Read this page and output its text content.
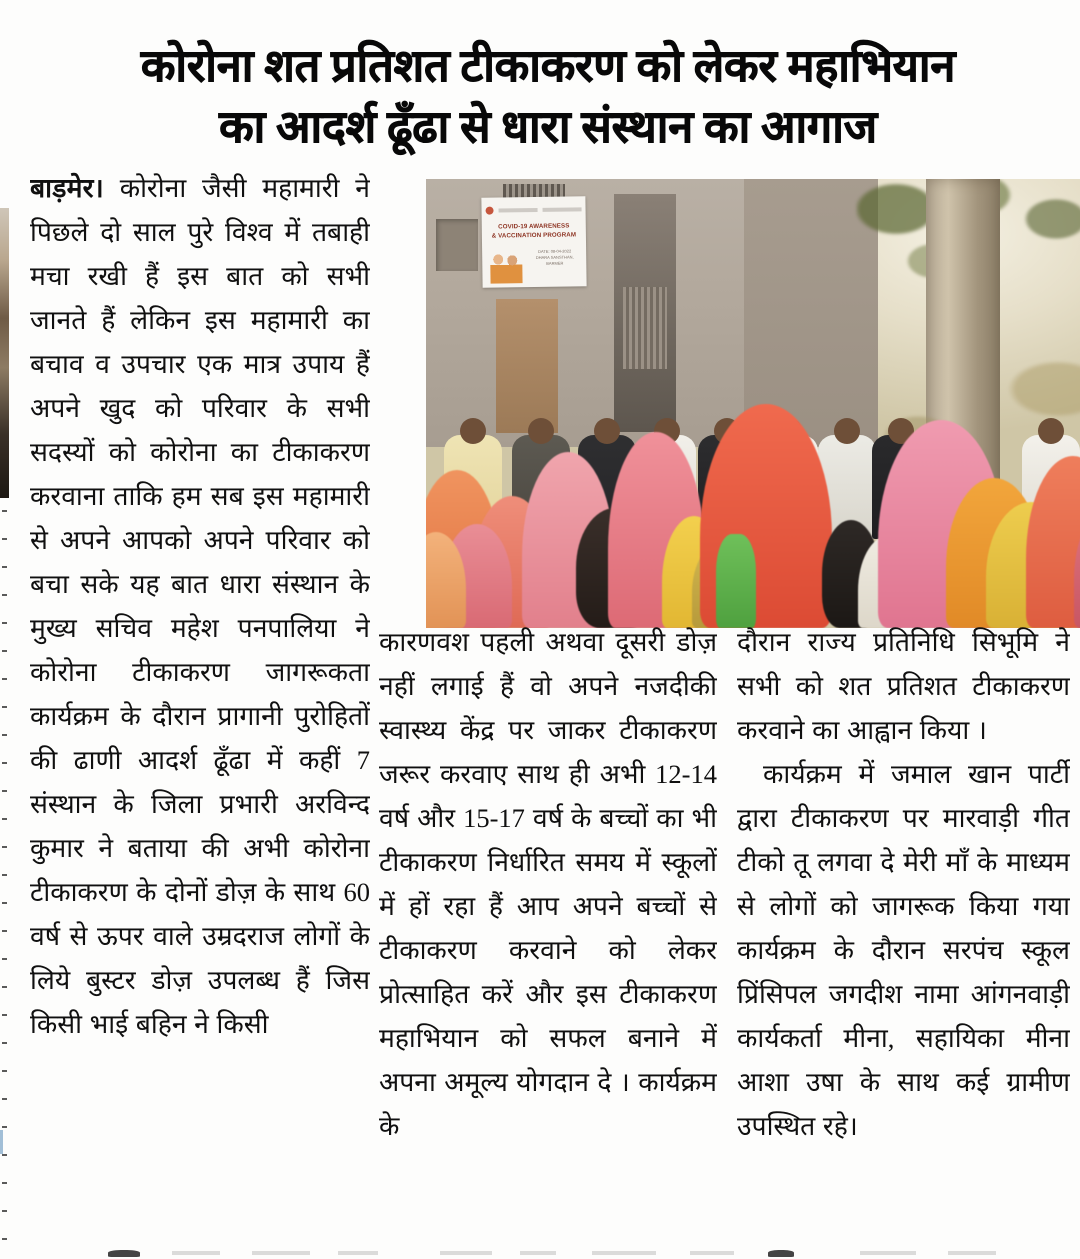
कोरोना शत प्रतिशत टीकाकरण को लेकर महाभियान
का आदर्श ढूँढा से धारा संस्थान का आगाज
COVID-19 AWARENESS
& VACCINATION PROGRAM
DATE: 08-04-2022
DHARA SANSTHAN, BARMER

बाड़मेर। कोरोना जैसी महामारी ने पिछले दो साल पुरे विश्व में तबाही मचा रखी हैं इस बात को सभी जानते हैं लेकिन इस महामारी का बचाव व उपचार एक मात्र उपाय हैं अपने खुद को परिवार के सभी सदस्यों को कोरोना का टीकाकरण करवाना ताकि हम सब इस महामारी से अपने आपको अपने परिवार को बचा सके यह बात धारा संस्थान के मुख्य सचिव महेश पनपालिया ने कोरोना टीकाकरण जागरूकता कार्यक्रम के दौरान प्रागानी पुरोहितों की ढाणी आदर्श ढूँढा में कहीं 7 संस्थान के जिला प्रभारी अरविन्द कुमार ने बताया की अभी कोरोना टीकाकरण के दोनों डोज़ के साथ 60 वर्ष से ऊपर वाले उम्रदराज लोगों के लिये बुस्टर डोज़ उपलब्ध हैं जिस किसी भाई बहिन ने किसी

कारणवश पहली अथवा दूसरी डोज़ नहीं लगाई हैं वो अपने नजदीकी स्वास्थ्य केंद्र पर जाकर टीकाकरण जरूर करवाए साथ ही अभी 12-14 वर्ष और 15-17 वर्ष के बच्चों का भी टीकाकरण निर्धारित समय में स्कूलों में हों रहा हैं आप अपने बच्चों से टीकाकरण करवाने को लेकर प्रोत्साहित करें और इस टीकाकरण महाभियान को सफल बनाने में अपना अमूल्य योगदान दे । कार्यक्रम के

दौरान राज्य प्रतिनिधि सिभूमि ने सभी को शत प्रतिशत टीकाकरण करवाने का आह्वान किया ।

कार्यक्रम में जमाल खान पार्टी द्वारा टीकाकरण पर मारवाड़ी गीत टीको तू लगवा दे मेरी माँ के माध्यम से लोगों को जागरूक किया गया कार्यक्रम के दौरान सरपंच स्कूल प्रिंसिपल जगदीश नामा आंगनवाड़ी कार्यकर्ता मीना, सहायिका मीना आशा उषा के साथ कई ग्रामीण उपस्थित रहे।
